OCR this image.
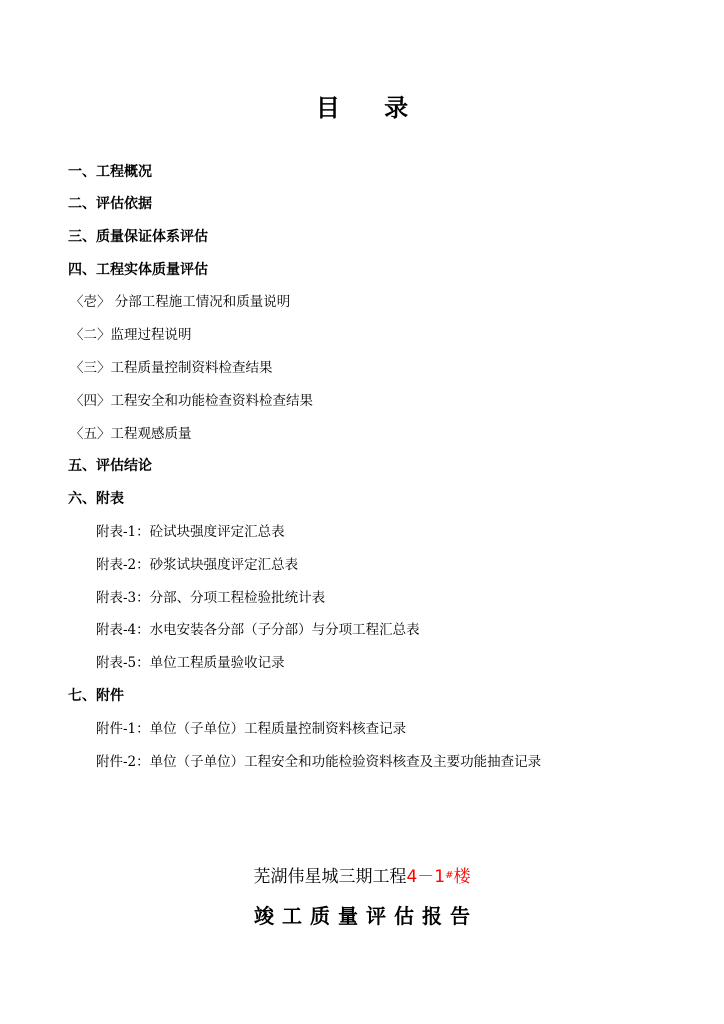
目 录
一、工程概况
二、评估依据
三、质量保证体系评估
四、工程实体质量评估
〈壱〉 分部工程施工情况和质量说明
〈二〉监理过程说明
〈三〉工程质量控制资料检查结果
〈四〉工程安全和功能检查资料检查结果
〈五〉工程观感质量
五、评估结论
六、附表
附表-1：砼试块强度评定汇总表
附表-2：砂浆试块强度评定汇总表
附表-3：分部、分项工程检验批统计表
附表-4：水电安装各分部（子分部）与分项工程汇总表
附表-5：单位工程质量验收记录
七、附件
附件-1：单位（子单位）工程质量控制资料核查记录
附件-2：单位（子单位）工程安全和功能检验资料核查及主要功能抽查记录
芜湖伟星城三期工程4－1#楼
竣工质量评估报告
